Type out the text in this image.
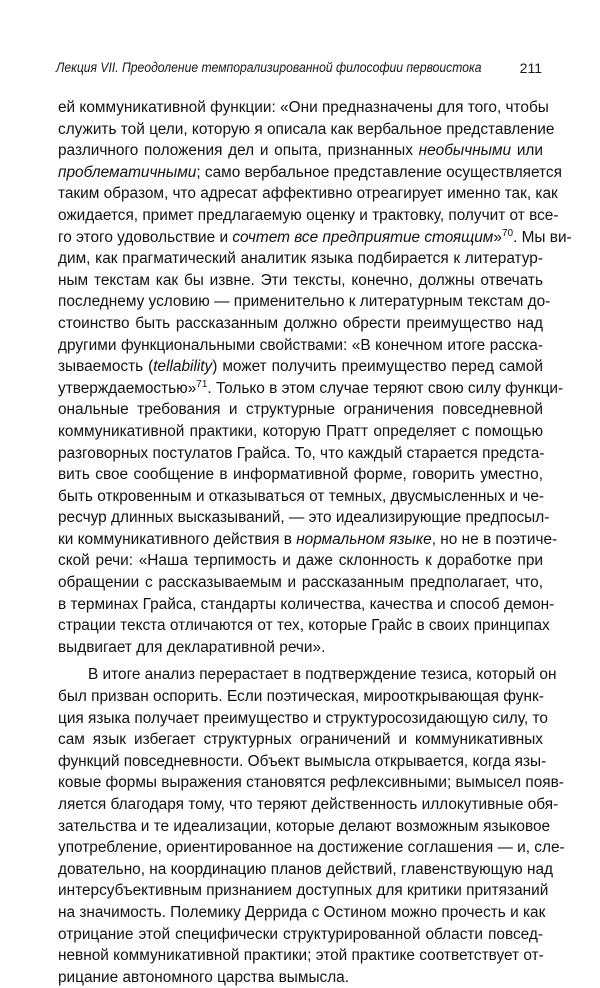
Лекция VII. Преодоление темпорализированной философии первоистока	211
ей коммуникативной функции: «Они предназначены для того, чтобы
служить той цели, которую я описала как вербальное представление
различного положения дел и опыта, признанных необычными или
проблематичными; само вербальное представление осуществляется
таким образом, что адресат аффективно отреагирует именно так, как
ожидается, примет предлагаемую оценку и трактовку, получит от все-
го этого удовольствие и сочтет все предприятие стоящим»$^{70}$. Мы ви-
дим, как прагматический аналитик языка подбирается к литератур-
ным текстам как бы извне. Эти тексты, конечно, должны отвечать
последнему условию — применительно к литературным текстам до-
стоинство быть рассказанным должно обрести преимущество над
другими функциональными свойствами: «В конечном итоге расска-
зываемость (tellability) может получить преимущество перед самой
утверждаемостью»$^{71}$. Только в этом случае теряют свою силу функци-
ональные требования и структурные ограничения повседневной
коммуникативной практики, которую Пратт определяет с помощью
разговорных постулатов Грайса. То, что каждый старается предста-
вить свое сообщение в информативной форме, говорить уместно,
быть откровенным и отказываться от темных, двусмысленных и че-
ресчур длинных высказываний, — это идеализирующие предпосыл-
ки коммуникативного действия в нормальном языке, но не в поэтиче-
ской речи: «Наша терпимость и даже склонность к доработке при
обращении с рассказываемым и рассказанным предполагает, что,
в терминах Грайса, стандарты количества, качества и способ демон-
страции текста отличаются от тех, которые Грайс в своих принципах
выдвигает для декларативной речи».
В итоге анализ перерастает в подтверждение тезиса, который он
был призван оспорить. Если поэтическая, мирооткрывающая функ-
ция языка получает преимущество и структуросозидающую силу, то
сам язык избегает структурных ограничений и коммуникативных
функций повседневности. Объект вымысла открывается, когда язы-
ковые формы выражения становятся рефлексивными; вымысел появ-
ляется благодаря тому, что теряют действенность иллокутивные обя-
зательства и те идеализации, которые делают возможным языковое
употребление, ориентированное на достижение соглашения — и, сле-
довательно, на координацию планов действий, главенствующую над
интерсубъективным признанием доступных для критики притязаний
на значимость. Полемику Деррида с Остином можно прочесть и как
отрицание этой специфически структурированной области повсед-
невной коммуникативной практики; этой практике соответствует от-
рицание автономного царства вымысла.
